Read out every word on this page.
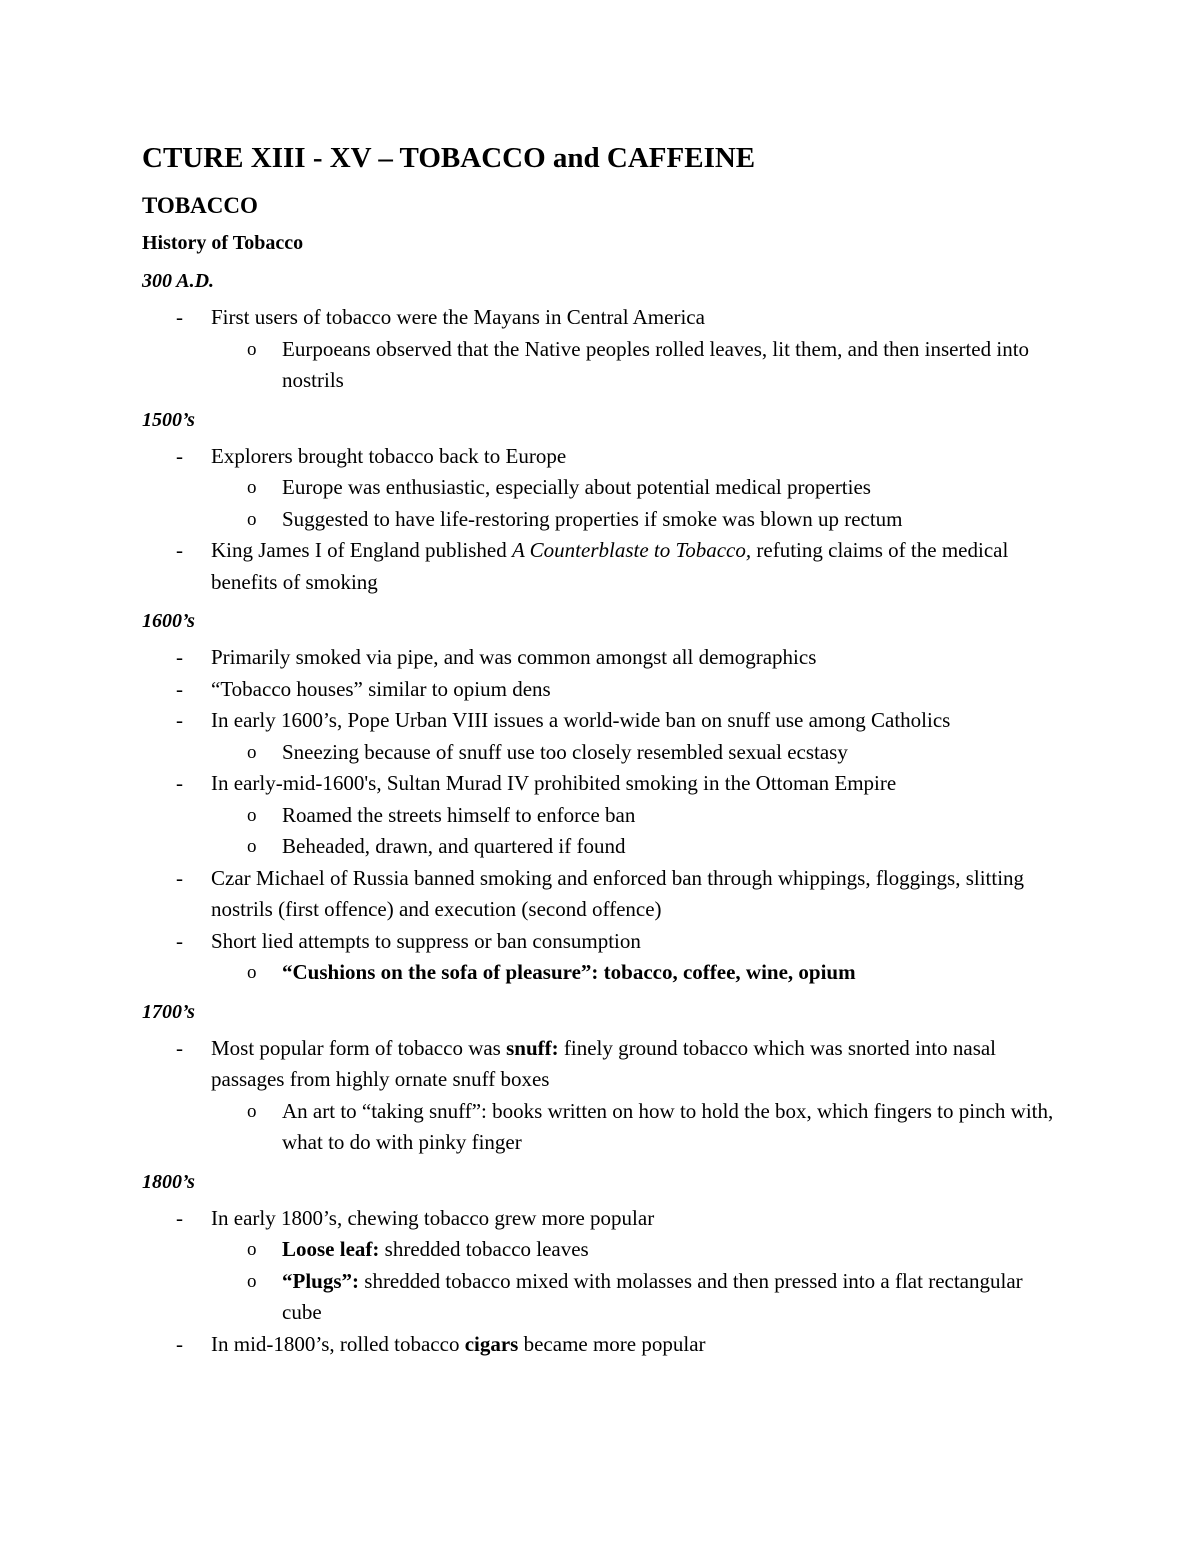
CTURE XIII - XV – TOBACCO and CAFFEINE
TOBACCO
History of Tobacco
300 A.D.
- First users of tobacco were the Mayans in Central America
o Eurpoeans observed that the Native peoples rolled leaves, lit them, and then inserted into nostrils
1500’s
- Explorers brought tobacco back to Europe
o Europe was enthusiastic, especially about potential medical properties
o Suggested to have life-restoring properties if smoke was blown up rectum
- King James I of England published A Counterblaste to Tobacco, refuting claims of the medical benefits of smoking
1600’s
- Primarily smoked via pipe, and was common amongst all demographics
- “Tobacco houses” similar to opium dens
- In early 1600’s, Pope Urban VIII issues a world-wide ban on snuff use among Catholics
o Sneezing because of snuff use too closely resembled sexual ecstasy
- In early-mid-1600's, Sultan Murad IV prohibited smoking in the Ottoman Empire
o Roamed the streets himself to enforce ban
o Beheaded, drawn, and quartered if found
- Czar Michael of Russia banned smoking and enforced ban through whippings, floggings, slitting nostrils (first offence) and execution (second offence)
- Short lied attempts to suppress or ban consumption
o “Cushions on the sofa of pleasure”: tobacco, coffee, wine, opium
1700’s
- Most popular form of tobacco was snuff: finely ground tobacco which was snorted into nasal passages from highly ornate snuff boxes
o An art to “taking snuff”: books written on how to hold the box, which fingers to pinch with, what to do with pinky finger
1800’s
- In early 1800’s, chewing tobacco grew more popular
o Loose leaf: shredded tobacco leaves
o “Plugs”: shredded tobacco mixed with molasses and then pressed into a flat rectangular cube
- In mid-1800’s, rolled tobacco cigars became more popular
